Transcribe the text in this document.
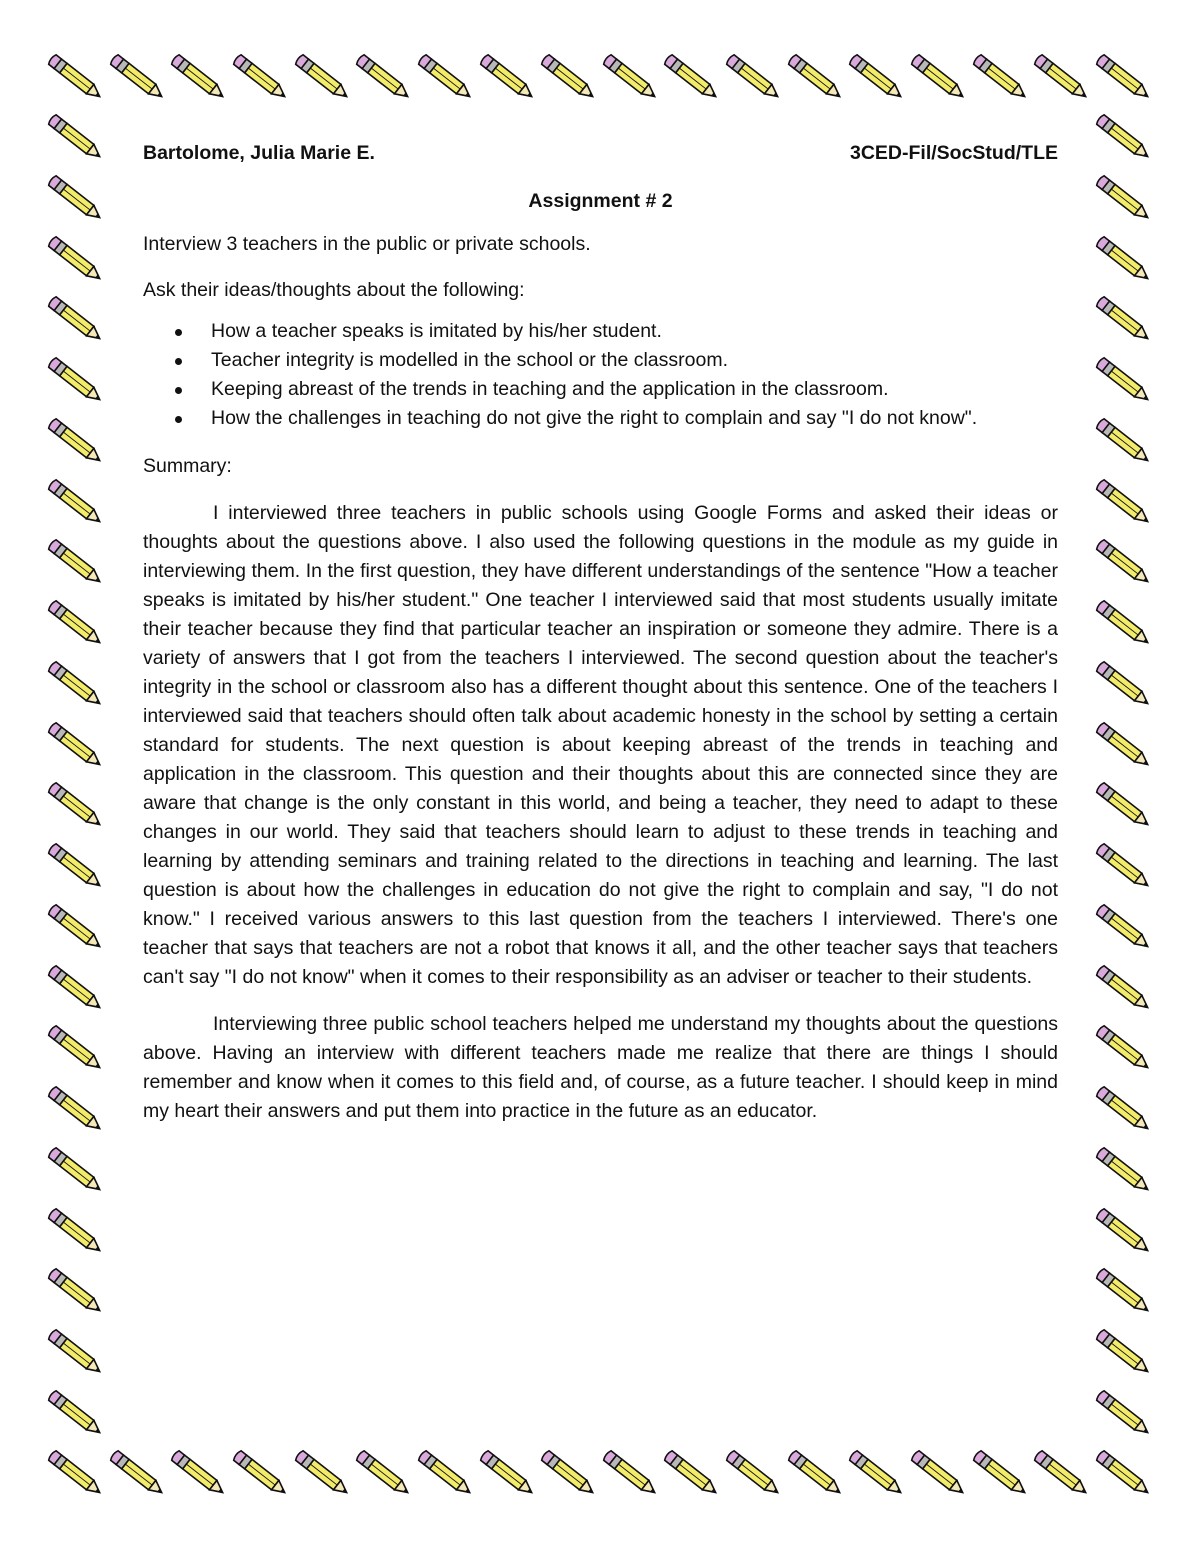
Bartolome, Julia Marie E.	3CED-Fil/SocStud/TLE
Assignment # 2

Interview 3 teachers in the public or private schools.

Ask their ideas/thoughts about the following:

How a teacher speaks is imitated by his/her student.
Teacher integrity is modelled in the school or the classroom.
Keeping abreast of the trends in teaching and the application in the classroom.
How the challenges in teaching do not give the right to complain and say "I do not know".

Summary:

I interviewed three teachers in public schools using Google Forms and asked their ideas or thoughts about the questions above. I also used the following questions in the module as my guide in interviewing them. In the first question, they have different understandings of the sentence "How a teacher speaks is imitated by his/her student." One teacher I interviewed said that most students usually imitate their teacher because they find that particular teacher an inspiration or someone they admire. There is a variety of answers that I got from the teachers I interviewed. The second question about the teacher's integrity in the school or classroom also has a different thought about this sentence. One of the teachers I interviewed said that teachers should often talk about academic honesty in the school by setting a certain standard for students. The next question is about keeping abreast of the trends in teaching and application in the classroom. This question and their thoughts about this are connected since they are aware that change is the only constant in this world, and being a teacher, they need to adapt to these changes in our world. They said that teachers should learn to adjust to these trends in teaching and learning by attending seminars and training related to the directions in teaching and learning. The last question is about how the challenges in education do not give the right to complain and say, "I do not know." I received various answers to this last question from the teachers I interviewed. There's one teacher that says that teachers are not a robot that knows it all, and the other teacher says that teachers can't say "I do not know" when it comes to their responsibility as an adviser or teacher to their students.

Interviewing three public school teachers helped me understand my thoughts about the questions above. Having an interview with different teachers made me realize that there are things I should remember and know when it comes to this field and, of course, as a future teacher. I should keep in mind my heart their answers and put them into practice in the future as an educator.
